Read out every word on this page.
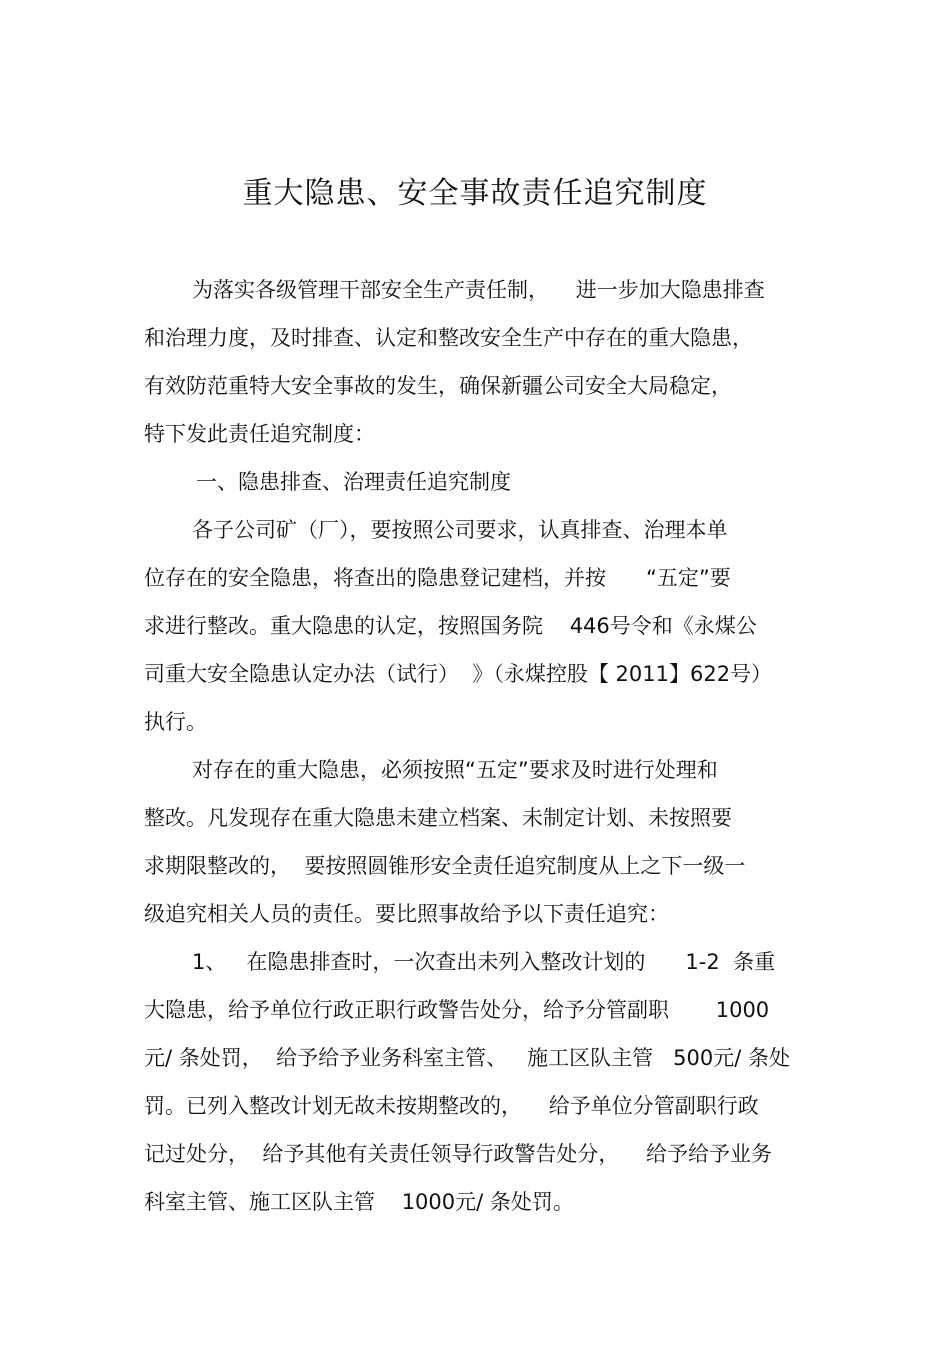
重大隐患、安全事故责任追究制度
为落实各级管理干部安全生产责任制，    进一步加大隐患排查
和治理力度，及时排查、认定和整改安全生产中存在的重大隐患，
有效防范重特大安全事故的发生，确保新疆公司安全大局稳定，
特下发此责任追究制度：
一、隐患排查、治理责任追究制度
各子公司矿（厂），要按照公司要求，认真排查、治理本单
位存在的安全隐患，将查出的隐患登记建档，并按      “五定”要
求进行整改。重大隐患的认定，按照国务院    446号令和《永煤公
司重大安全隐患认定办法（试行）  》（永煤控股【 2011】622号）
执行。
对存在的重大隐患，必须按照“五定”要求及时进行处理和
整改。凡发现存在重大隐患未建立档案、未制定计划、未按照要
求期限整改的，  要按照圆锥形安全责任追究制度从上之下一级一
级追究相关人员的责任。要比照事故给予以下责任追究：
1、   在隐患排查时，一次查出未列入整改计划的      1-2  条重
大隐患，给予单位行政正职行政警告处分，给予分管副职       1000
元/ 条处罚，  给予给予业务科室主管、   施工区队主管   500元/ 条处
罚。已列入整改计划无故未按期整改的，    给予单位分管副职行政
记过处分，  给予其他有关责任领导行政警告处分，    给予给予业务
科室主管、施工区队主管    1000元/ 条处罚。
